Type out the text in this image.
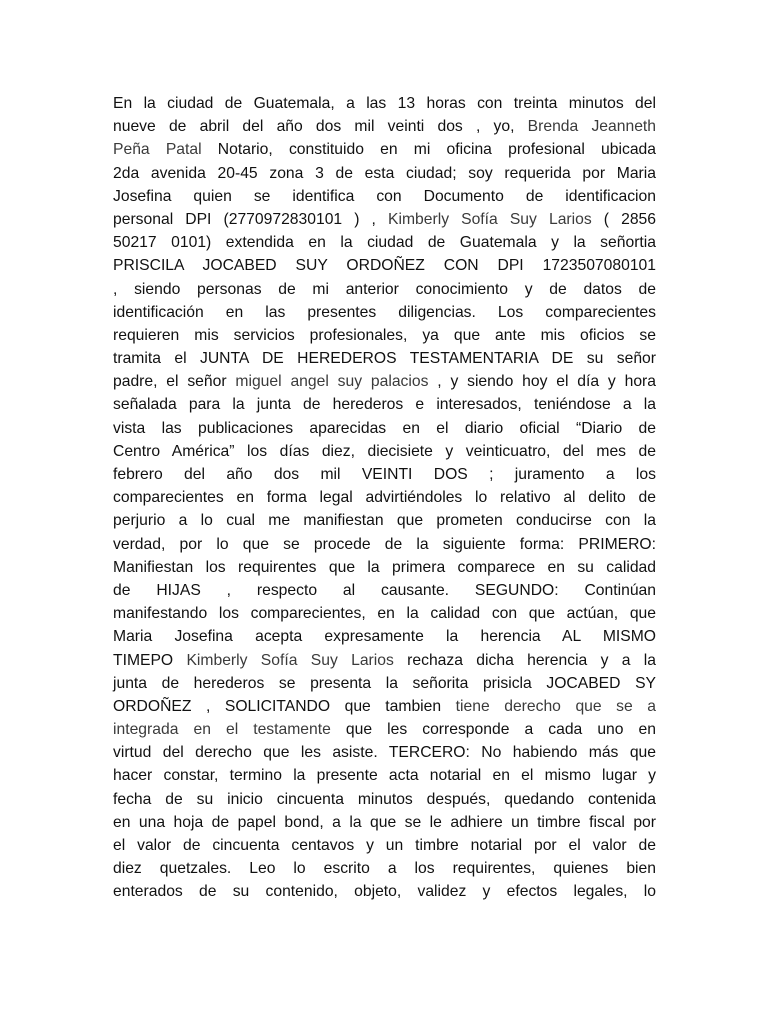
En la ciudad de Guatemala, a las 13 horas con treinta minutos del
nueve de abril del año dos mil veinti dos , yo, Brenda Jeanneth
Peña Patal Notario, constituido en mi oficina profesional ubicada
2da avenida 20-45 zona 3 de esta ciudad; soy requerida por Maria
Josefina quien se identifica con Documento de identificacion
personal DPI (2770972830101 ) , Kimberly Sofía Suy Larios ( 2856
50217 0101) extendida en la ciudad de Guatemala y la señortia
PRISCILA JOCABED SUY ORDOÑEZ CON DPI 1723507080101
, siendo personas de mi anterior conocimiento y de datos de
identificación en las presentes diligencias. Los comparecientes
requieren mis servicios profesionales, ya que ante mis oficios se
tramita el JUNTA DE HEREDEROS TESTAMENTARIA DE su señor
padre, el señor miguel angel suy palacios , y siendo hoy el día y hora
señalada para la junta de herederos e interesados, teniéndose a la
vista las publicaciones aparecidas en el diario oficial “Diario de
Centro América” los días diez, diecisiete y veinticuatro, del mes de
febrero del año dos mil VEINTI DOS ; juramento a los
comparecientes en forma legal advirtiéndoles lo relativo al delito de
perjurio a lo cual me manifiestan que prometen conducirse con la
verdad, por lo que se procede de la siguiente forma: PRIMERO:
Manifiestan los requirentes que la primera comparece en su calidad
de HIJAS , respecto al causante. SEGUNDO: Continúan
manifestando los comparecientes, en la calidad con que actúan, que
Maria Josefina acepta expresamente la herencia AL MISMO
TIMEPO Kimberly Sofía Suy Larios rechaza dicha herencia y a la
junta de herederos se presenta la señorita prisicla JOCABED SY
ORDOÑEZ , SOLICITANDO que tambien tiene derecho que se a
integrada en el testamente que les corresponde a cada uno en
virtud del derecho que les asiste. TERCERO: No habiendo más que
hacer constar, termino la presente acta notarial en el mismo lugar y
fecha de su inicio cincuenta minutos después, quedando contenida
en una hoja de papel bond, a la que se le adhiere un timbre fiscal por
el valor de cincuenta centavos y un timbre notarial por el valor de
diez quetzales. Leo lo escrito a los requirentes, quienes bien
enterados de su contenido, objeto, validez y efectos legales, lo
